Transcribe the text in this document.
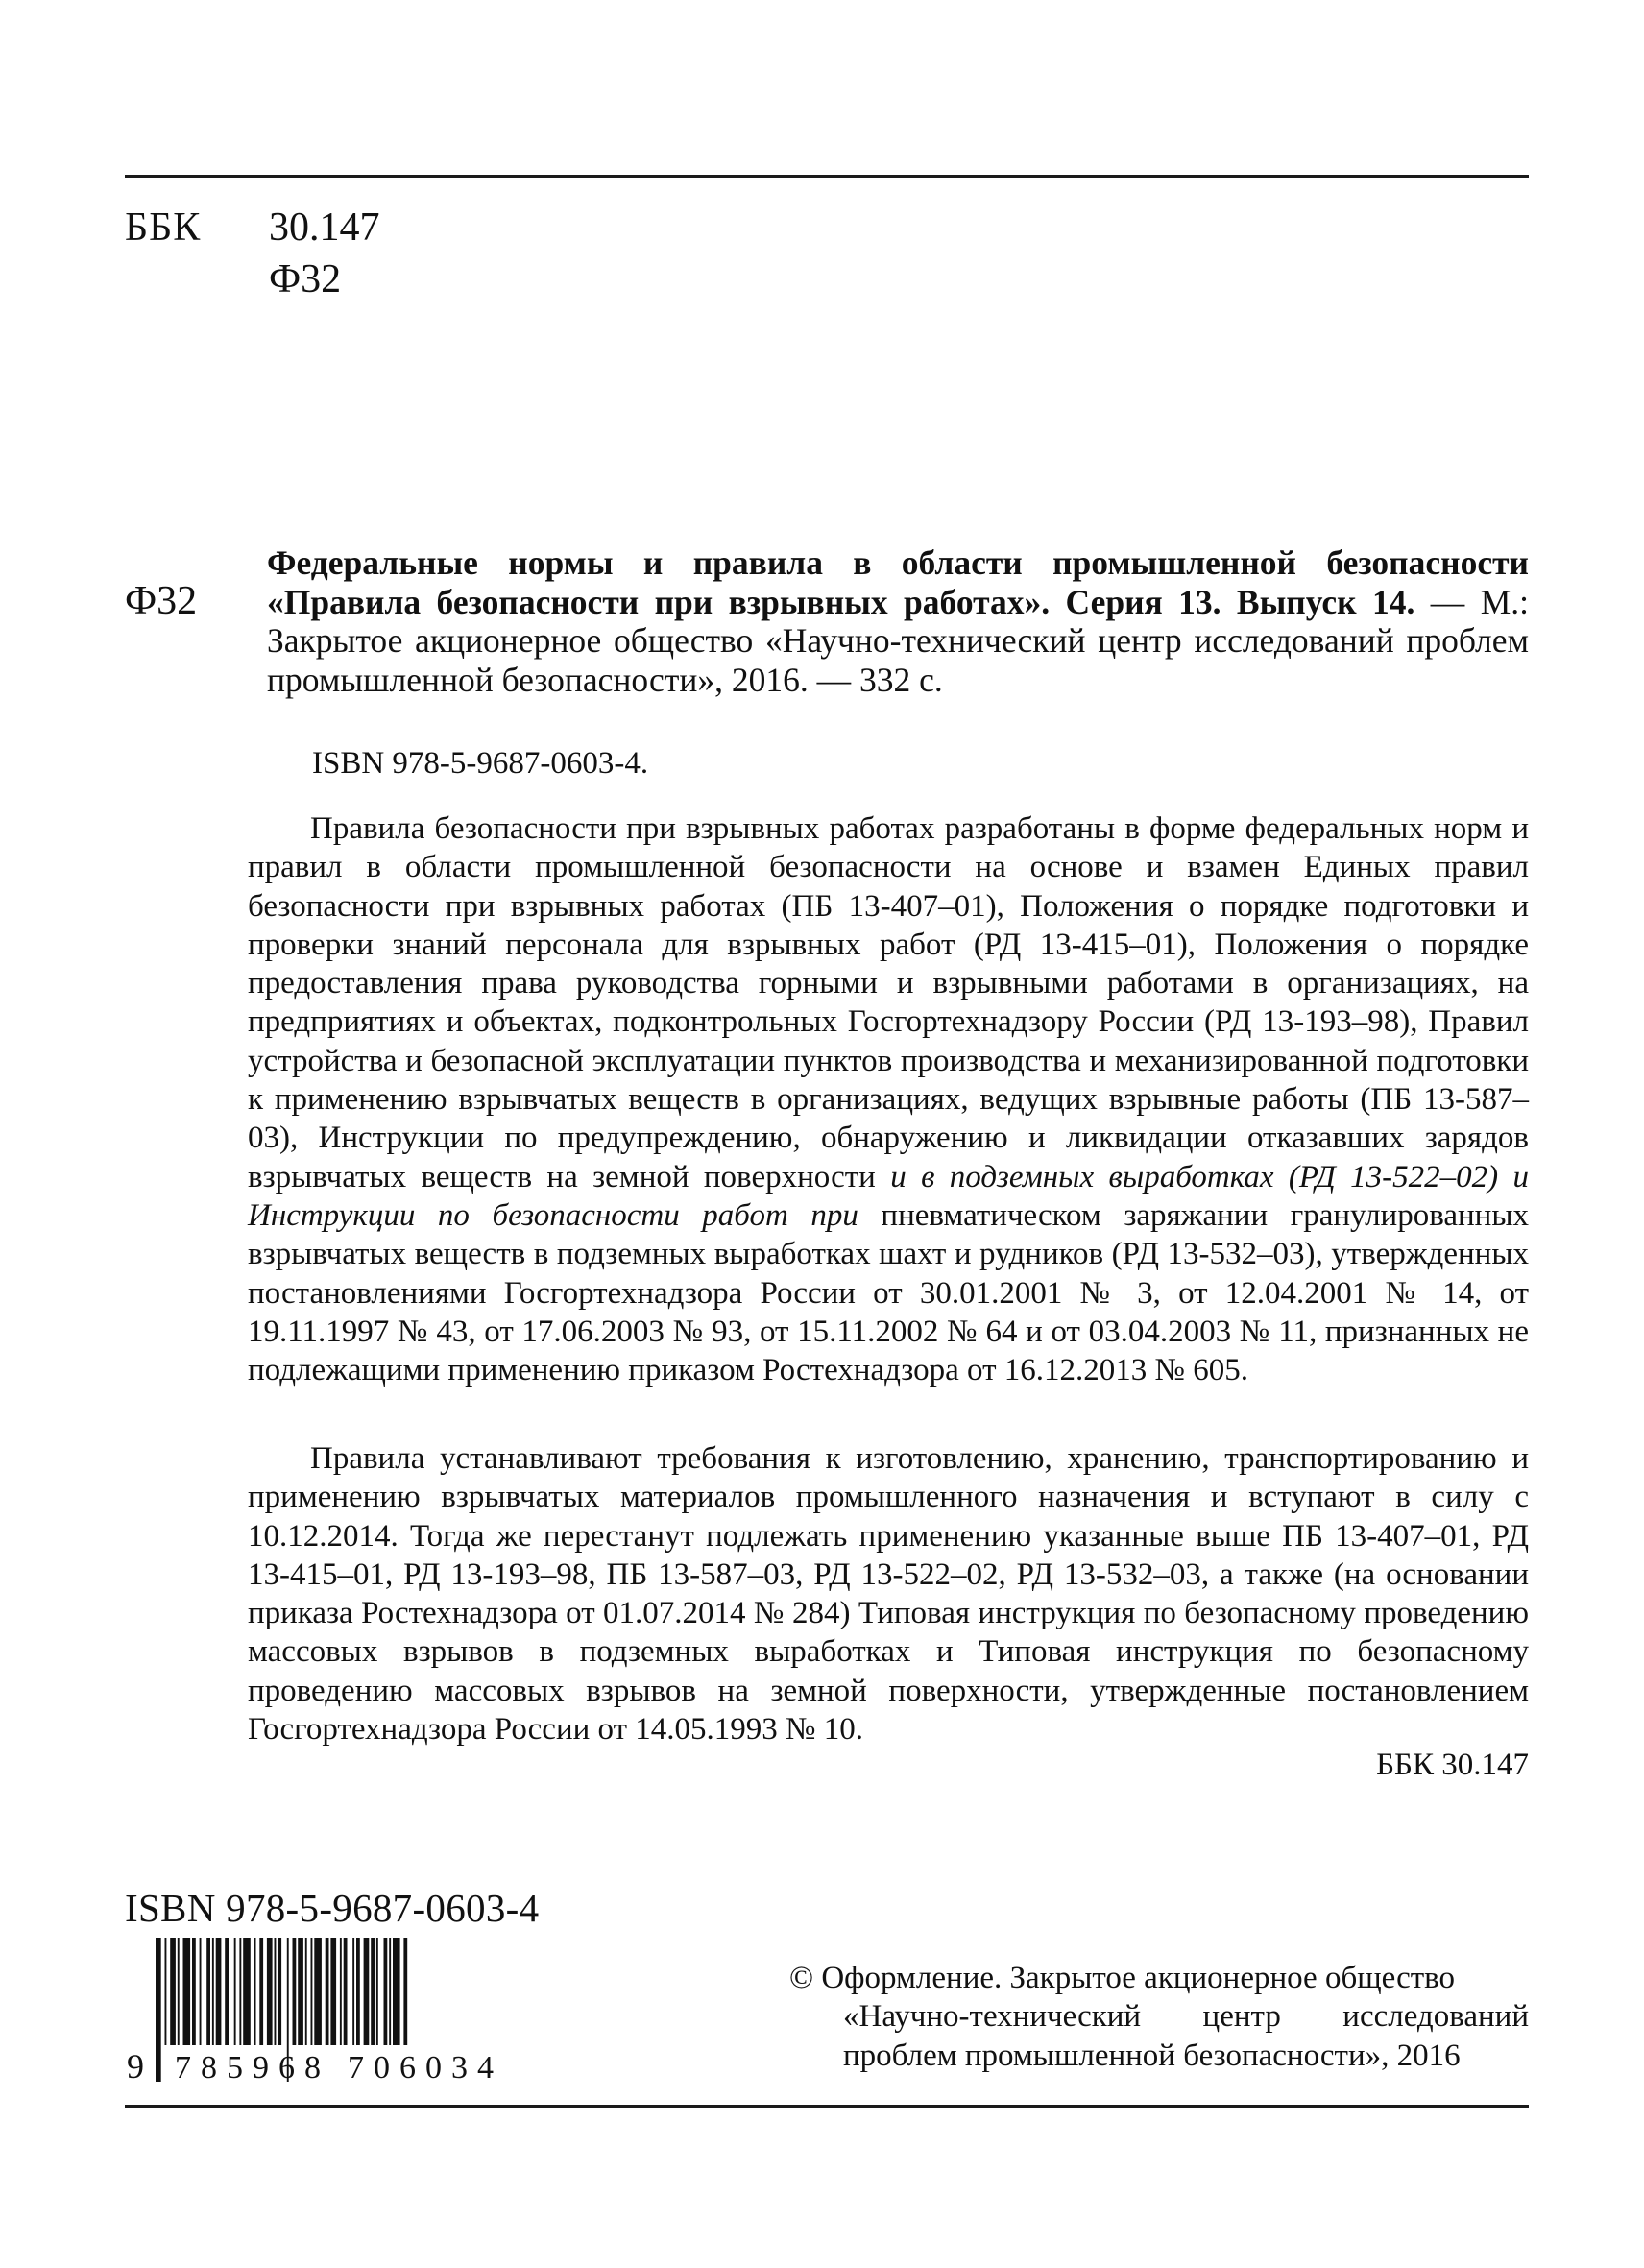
ББК 30.147
Ф32
Ф32
Федеральные нормы и правила в области промышленной безопасности «Правила безопасности при взрывных работах». Серия 13. Выпуск 14. — М.: Закрытое акционерное общество «Научно-технический центр исследований проблем промышленной безопасности», 2016. — 332 с.
ISBN 978-5-9687-0603-4.

Правила безопасности при взрывных работах разработаны в форме федеральных норм и правил в области промышленной безопасности на основе и взамен Единых правил безопасности при взрывных работах (ПБ 13-407–01), Положения о порядке подготовки и проверки знаний персонала для взрывных работ (РД 13-415–01), Положения о порядке предоставления права руководства горными и взрывными работами в организациях, на предприятиях и объектах, подконтрольных Госгортехнадзору России (РД 13-193–98), Правил устройства и безопасной эксплуатации пунктов производства и механизированной подготовки к применению взрывчатых веществ в организациях, ведущих взрывные работы (ПБ 13-587–03), Инструкции по предупреждению, обнаружению и ликвидации отказавших зарядов взрывчатых веществ на земной поверхности и в подземных выработках (РД 13-522–02) и Инструкции по безопасности работ при пневматическом заряжании гранулированных взрывчатых веществ в подземных выработках шахт и рудников (РД 13-532–03), утвержденных постановлениями Госгортехнадзора России от 30.01.2001 № 3, от 12.04.2001 № 14, от 19.11.1997 № 43, от 17.06.2003 № 93, от 15.11.2002 № 64 и от 03.04.2003 № 11, признанных не подлежащими применению приказом Ростехнадзора от 16.12.2013 № 605.

Правила устанавливают требования к изготовлению, хранению, транспортированию и применению взрывчатых материалов промышленного назначения и вступают в силу с 10.12.2014. Тогда же перестанут подлежать применению указанные выше ПБ 13-407–01, РД 13-415–01, РД 13-193–98, ПБ 13-587–03, РД 13-522–02, РД 13-532–03, а также (на основании приказа Ростехнадзора от 01.07.2014 № 284) Типовая инструкция по безопасному проведению массовых взрывов в подземных выработках и Типовая инструкция по безопасному проведению массовых взрывов на земной поверхности, утвержденные постановлением Госгортехнадзора России от 14.05.1993 № 10.

ББК 30.147
ISBN 978-5-9687-0603-4
9 785968 706034
© Оформление. Закрытое акционерное общество
«Научно-технический центр исследований
проблем промышленной безопасности», 2016
